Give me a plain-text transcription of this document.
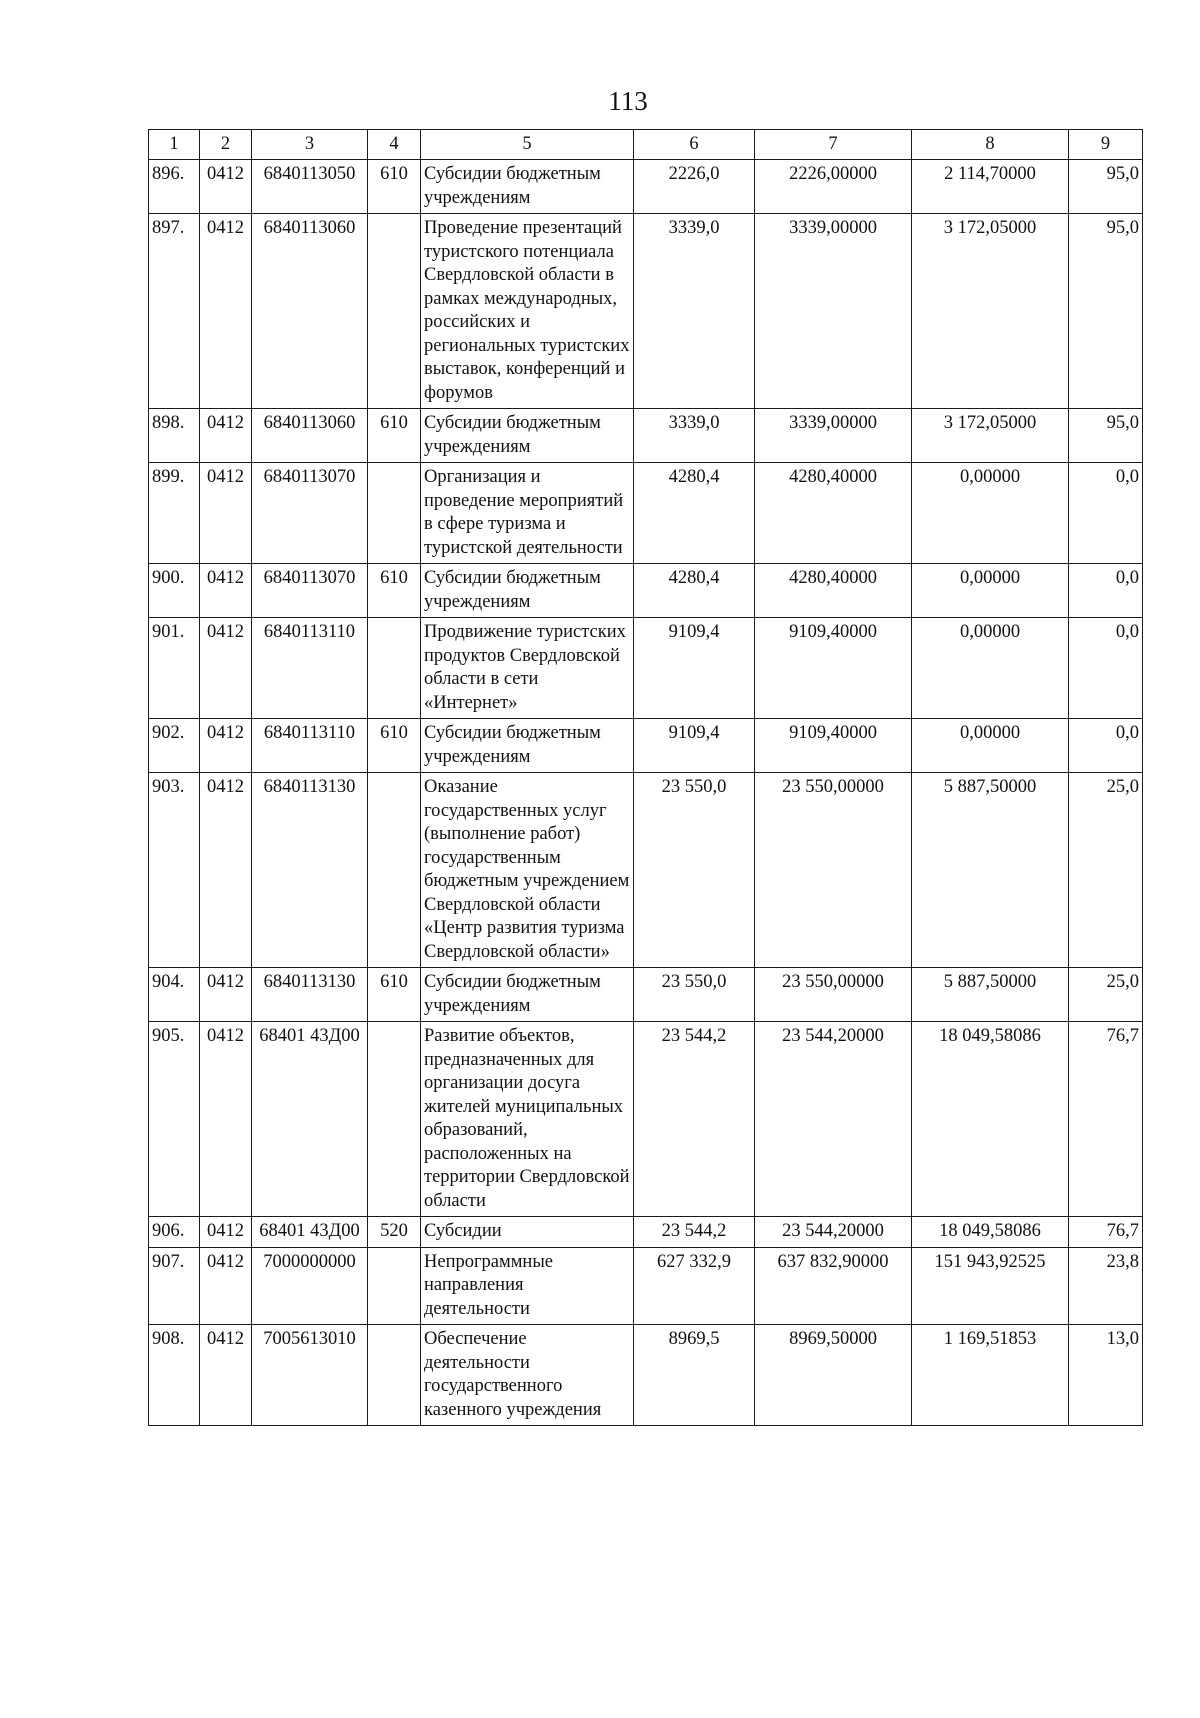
113
1	2	3	4	5	6	7	8	9
896.	0412	6840113050	610	Субсидии бюджетным учреждениям	2226,0	2226,00000	2 114,70000	95,0
897.	0412	6840113060		Проведение презентаций туристского потенциала Свердловской области в рамках международных, российских и региональных туристских выставок, конференций и форумов	3339,0	3339,00000	3 172,05000	95,0
898.	0412	6840113060	610	Субсидии бюджетным учреждениям	3339,0	3339,00000	3 172,05000	95,0
899.	0412	6840113070		Организация и проведение мероприятий в сфере туризма и туристской деятельности	4280,4	4280,40000	0,00000	0,0
900.	0412	6840113070	610	Субсидии бюджетным учреждениям	4280,4	4280,40000	0,00000	0,0
901.	0412	6840113110		Продвижение туристских продуктов Свердловской области в сети «Интернет»	9109,4	9109,40000	0,00000	0,0
902.	0412	6840113110	610	Субсидии бюджетным учреждениям	9109,4	9109,40000	0,00000	0,0
903.	0412	6840113130		Оказание государственных услуг (выполнение работ) государственным бюджетным учреждением Свердловской области «Центр развития туризма Свердловской области»	23 550,0	23 550,00000	5 887,50000	25,0
904.	0412	6840113130	610	Субсидии бюджетным учреждениям	23 550,0	23 550,00000	5 887,50000	25,0
905.	0412	68401 43Д00		Развитие объектов, предназначенных для организации досуга жителей муниципальных образований, расположенных на территории Свердловской области	23 544,2	23 544,20000	18 049,58086	76,7
906.	0412	68401 43Д00	520	Субсидии	23 544,2	23 544,20000	18 049,58086	76,7
907.	0412	7000000000		Непрограммные направления деятельности	627 332,9	637 832,90000	151 943,92525	23,8
908.	0412	7005613010		Обеспечение деятельности государственного казенного учреждения	8969,5	8969,50000	1 169,51853	13,0
